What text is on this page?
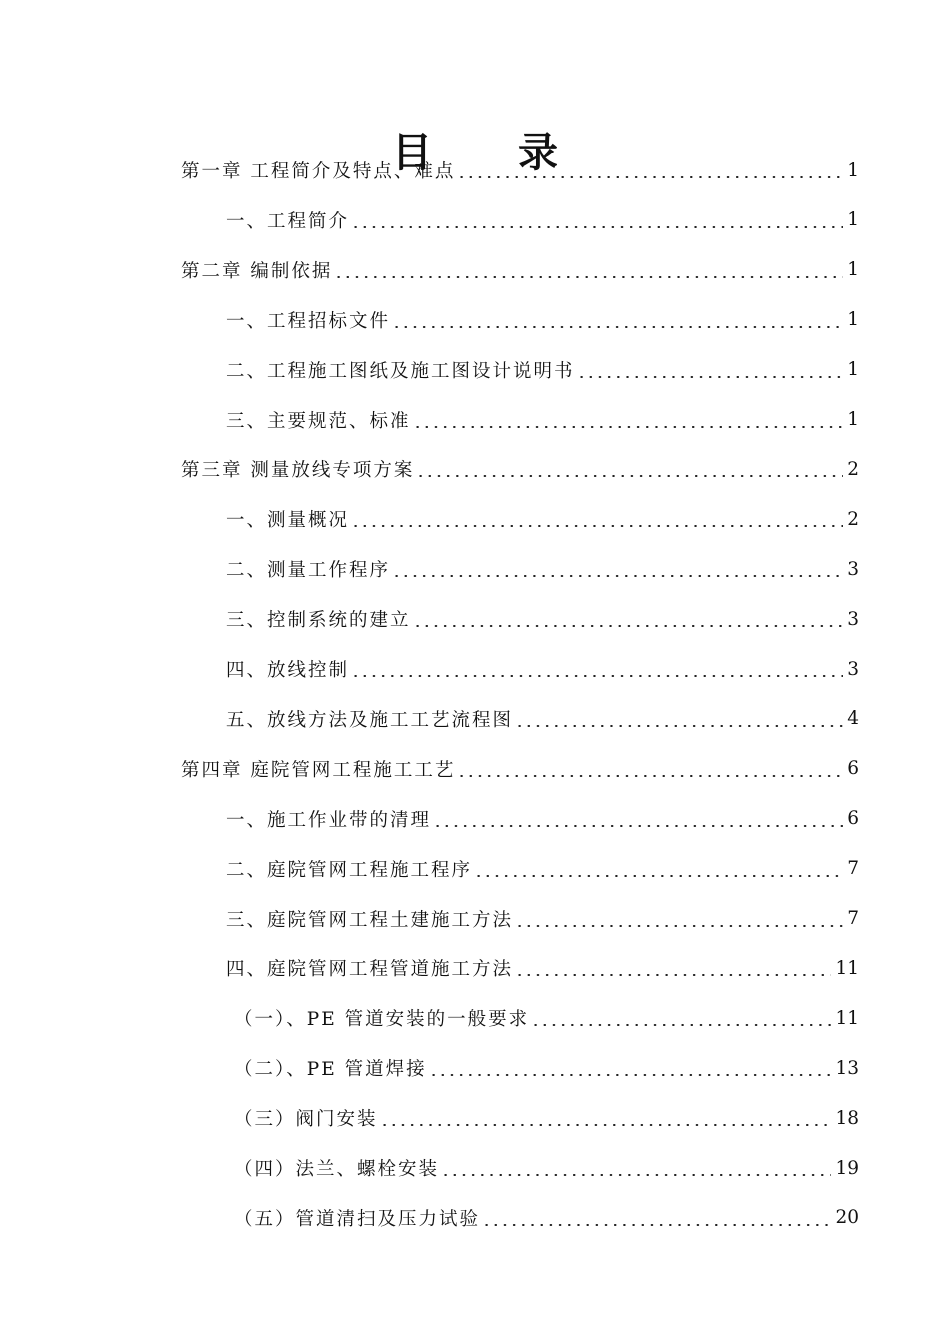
目 录
第一章 工程简介及特点、难点	1
一、工程简介	1
第二章 编制依据	1
一、工程招标文件	1
二、工程施工图纸及施工图设计说明书	1
三、主要规范、标准	1
第三章 测量放线专项方案	2
一、测量概况	2
二、测量工作程序	3
三、控制系统的建立	3
四、放线控制	3
五、放线方法及施工工艺流程图	4
第四章 庭院管网工程施工工艺	6
一、施工作业带的清理	6
二、庭院管网工程施工程序	7
三、庭院管网工程土建施工方法	7
四、庭院管网工程管道施工方法	11
（一）、PE 管道安装的一般要求	11
（二）、PE 管道焊接	13
（三）阀门安装	18
（四）法兰、螺栓安装	19
（五）管道清扫及压力试验	20
